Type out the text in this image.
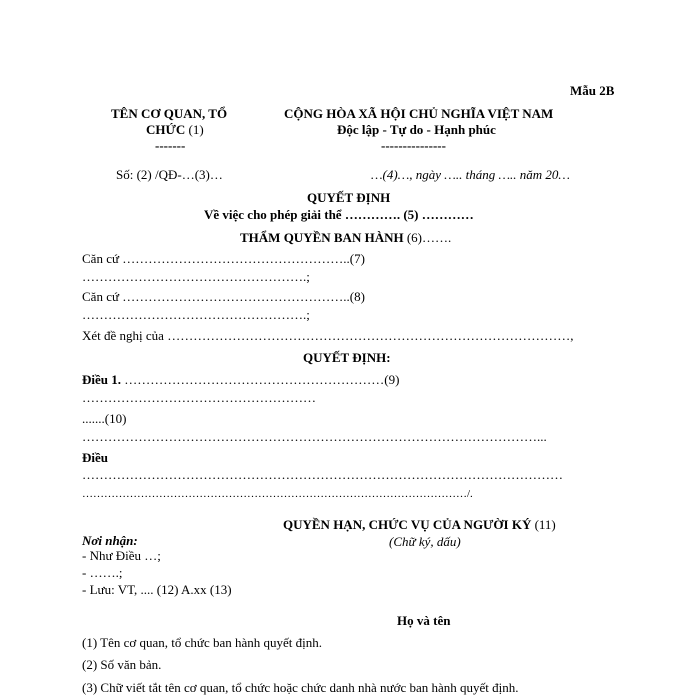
Mẫu 2B
TÊN CƠ QUAN, TỔ
CHỨC (1)
-------
CỘNG HÒA XÃ HỘI CHỦ NGHĨA VIỆT NAM
Độc lập - Tự do - Hạnh phúc
---------------
Số: (2) /QĐ-…(3)…	…(4)…, ngày ….. tháng ….. năm 20…
QUYẾT ĐỊNH
Về việc cho phép giải thể …………. (5) …………
THẨM QUYỀN BAN HÀNH (6)…….
Căn cứ ……………………………………………..(7)
…………………………………………….;
Căn cứ ……………………………………………..(8)
…………………………………………….;
Xét đề nghị của …………………………………………………………………………………,
QUYẾT ĐỊNH:
Điều 1. ……………………………………………………(9)
………………………………………………
.......(10)
……………………………………………………………………………………………...
Điều
…………………………………………………………………………………………………
……………………………………………………………………………………………/.
QUYỀN HẠN, CHỨC VỤ CỦA NGƯỜI KÝ (11)
(Chữ ký, dấu)
Họ và tên
Nơi nhận:
- Như Điều …;
- …….;
- Lưu: VT, .... (12) A.xx (13)
(1) Tên cơ quan, tổ chức ban hành quyết định.
(2) Số văn bản.
(3) Chữ viết tắt tên cơ quan, tổ chức hoặc chức danh nhà nước ban hành quyết định.
